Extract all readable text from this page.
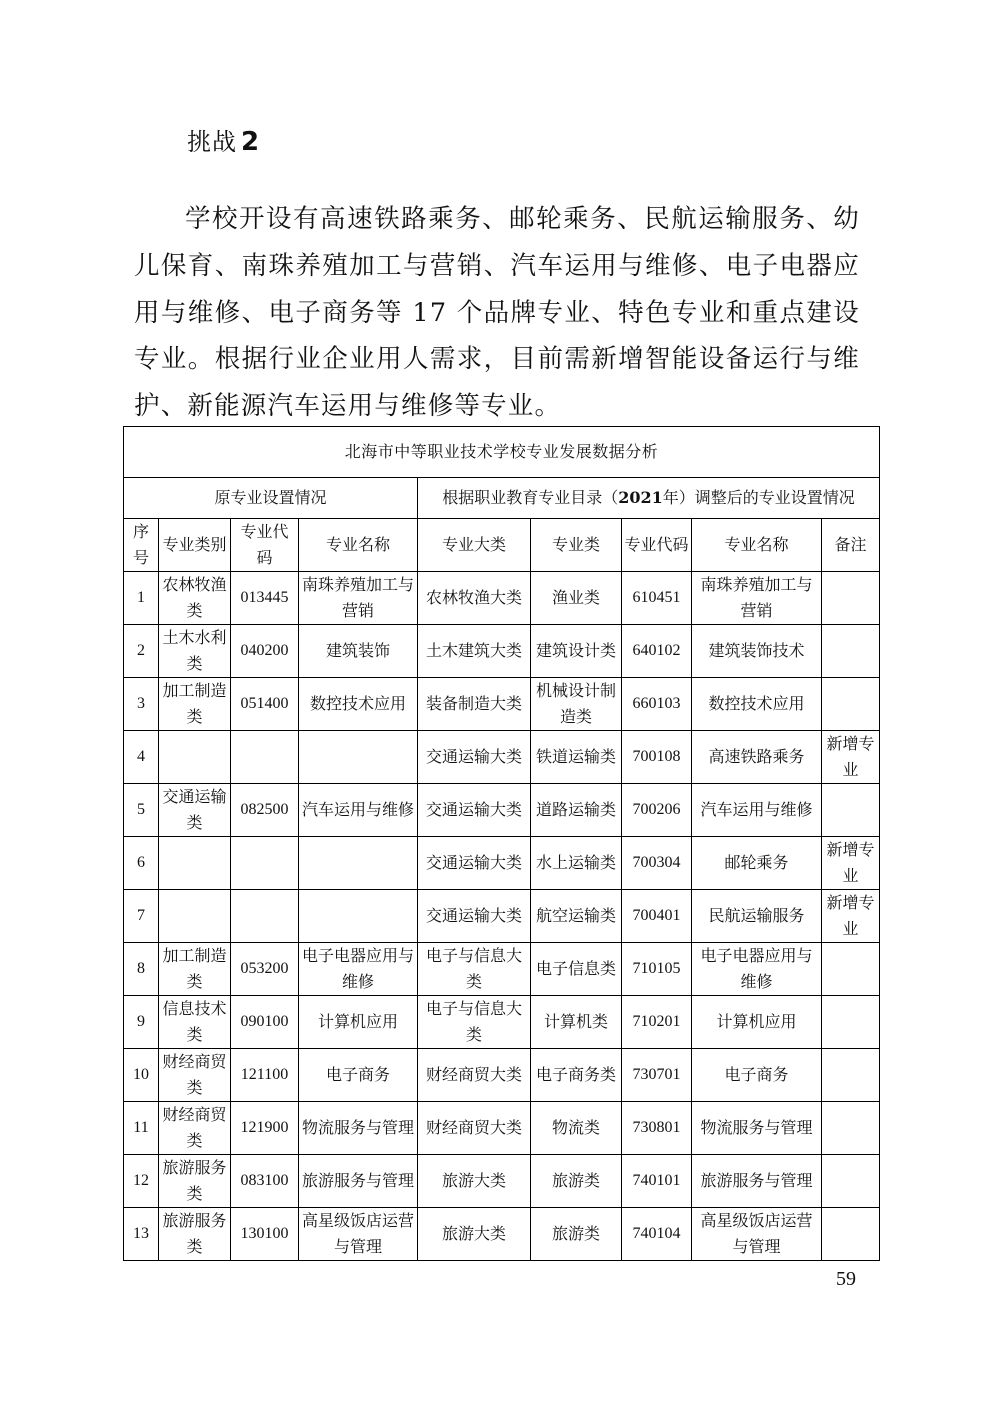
挑战 2

学校开设有高速铁路乘务、邮轮乘务、民航运输服务、幼儿保育、南珠养殖加工与营销、汽车运用与维修、电子电器应用与维修、电子商务等 17 个品牌专业、特色专业和重点建设专业。根据行业企业用人需求，目前需新增智能设备运行与维护、新能源汽车运用与维修等专业。

北海市中等职业技术学校专业发展数据分析								
原专业设置情况				根据职业教育专业目录（2021年）调整后的专业设置情况				
序号	专业类别	专业代码	专业名称	专业大类	专业类	专业代码	专业名称	备注
1	农林牧渔类	013445	南珠养殖加工与营销	农林牧渔大类	渔业类	610451	南珠养殖加工与营销	
2	土木水利类	040200	建筑装饰	土木建筑大类	建筑设计类	640102	建筑装饰技术	
3	加工制造类	051400	数控技术应用	装备制造大类	机械设计制造类	660103	数控技术应用	
4				交通运输大类	铁道运输类	700108	高速铁路乘务	新增专业
5	交通运输类	082500	汽车运用与维修	交通运输大类	道路运输类	700206	汽车运用与维修	
6				交通运输大类	水上运输类	700304	邮轮乘务	新增专业
7				交通运输大类	航空运输类	700401	民航运输服务	新增专业
8	加工制造类	053200	电子电器应用与维修	电子与信息大类	电子信息类	710105	电子电器应用与维修	
9	信息技术类	090100	计算机应用	电子与信息大类	计算机类	710201	计算机应用	
10	财经商贸类	121100	电子商务	财经商贸大类	电子商务类	730701	电子商务	
11	财经商贸类	121900	物流服务与管理	财经商贸大类	物流类	730801	物流服务与管理	
12	旅游服务类	083100	旅游服务与管理	旅游大类	旅游类	740101	旅游服务与管理	
13	旅游服务类	130100	高星级饭店运营与管理	旅游大类	旅游类	740104	高星级饭店运营与管理	
59
